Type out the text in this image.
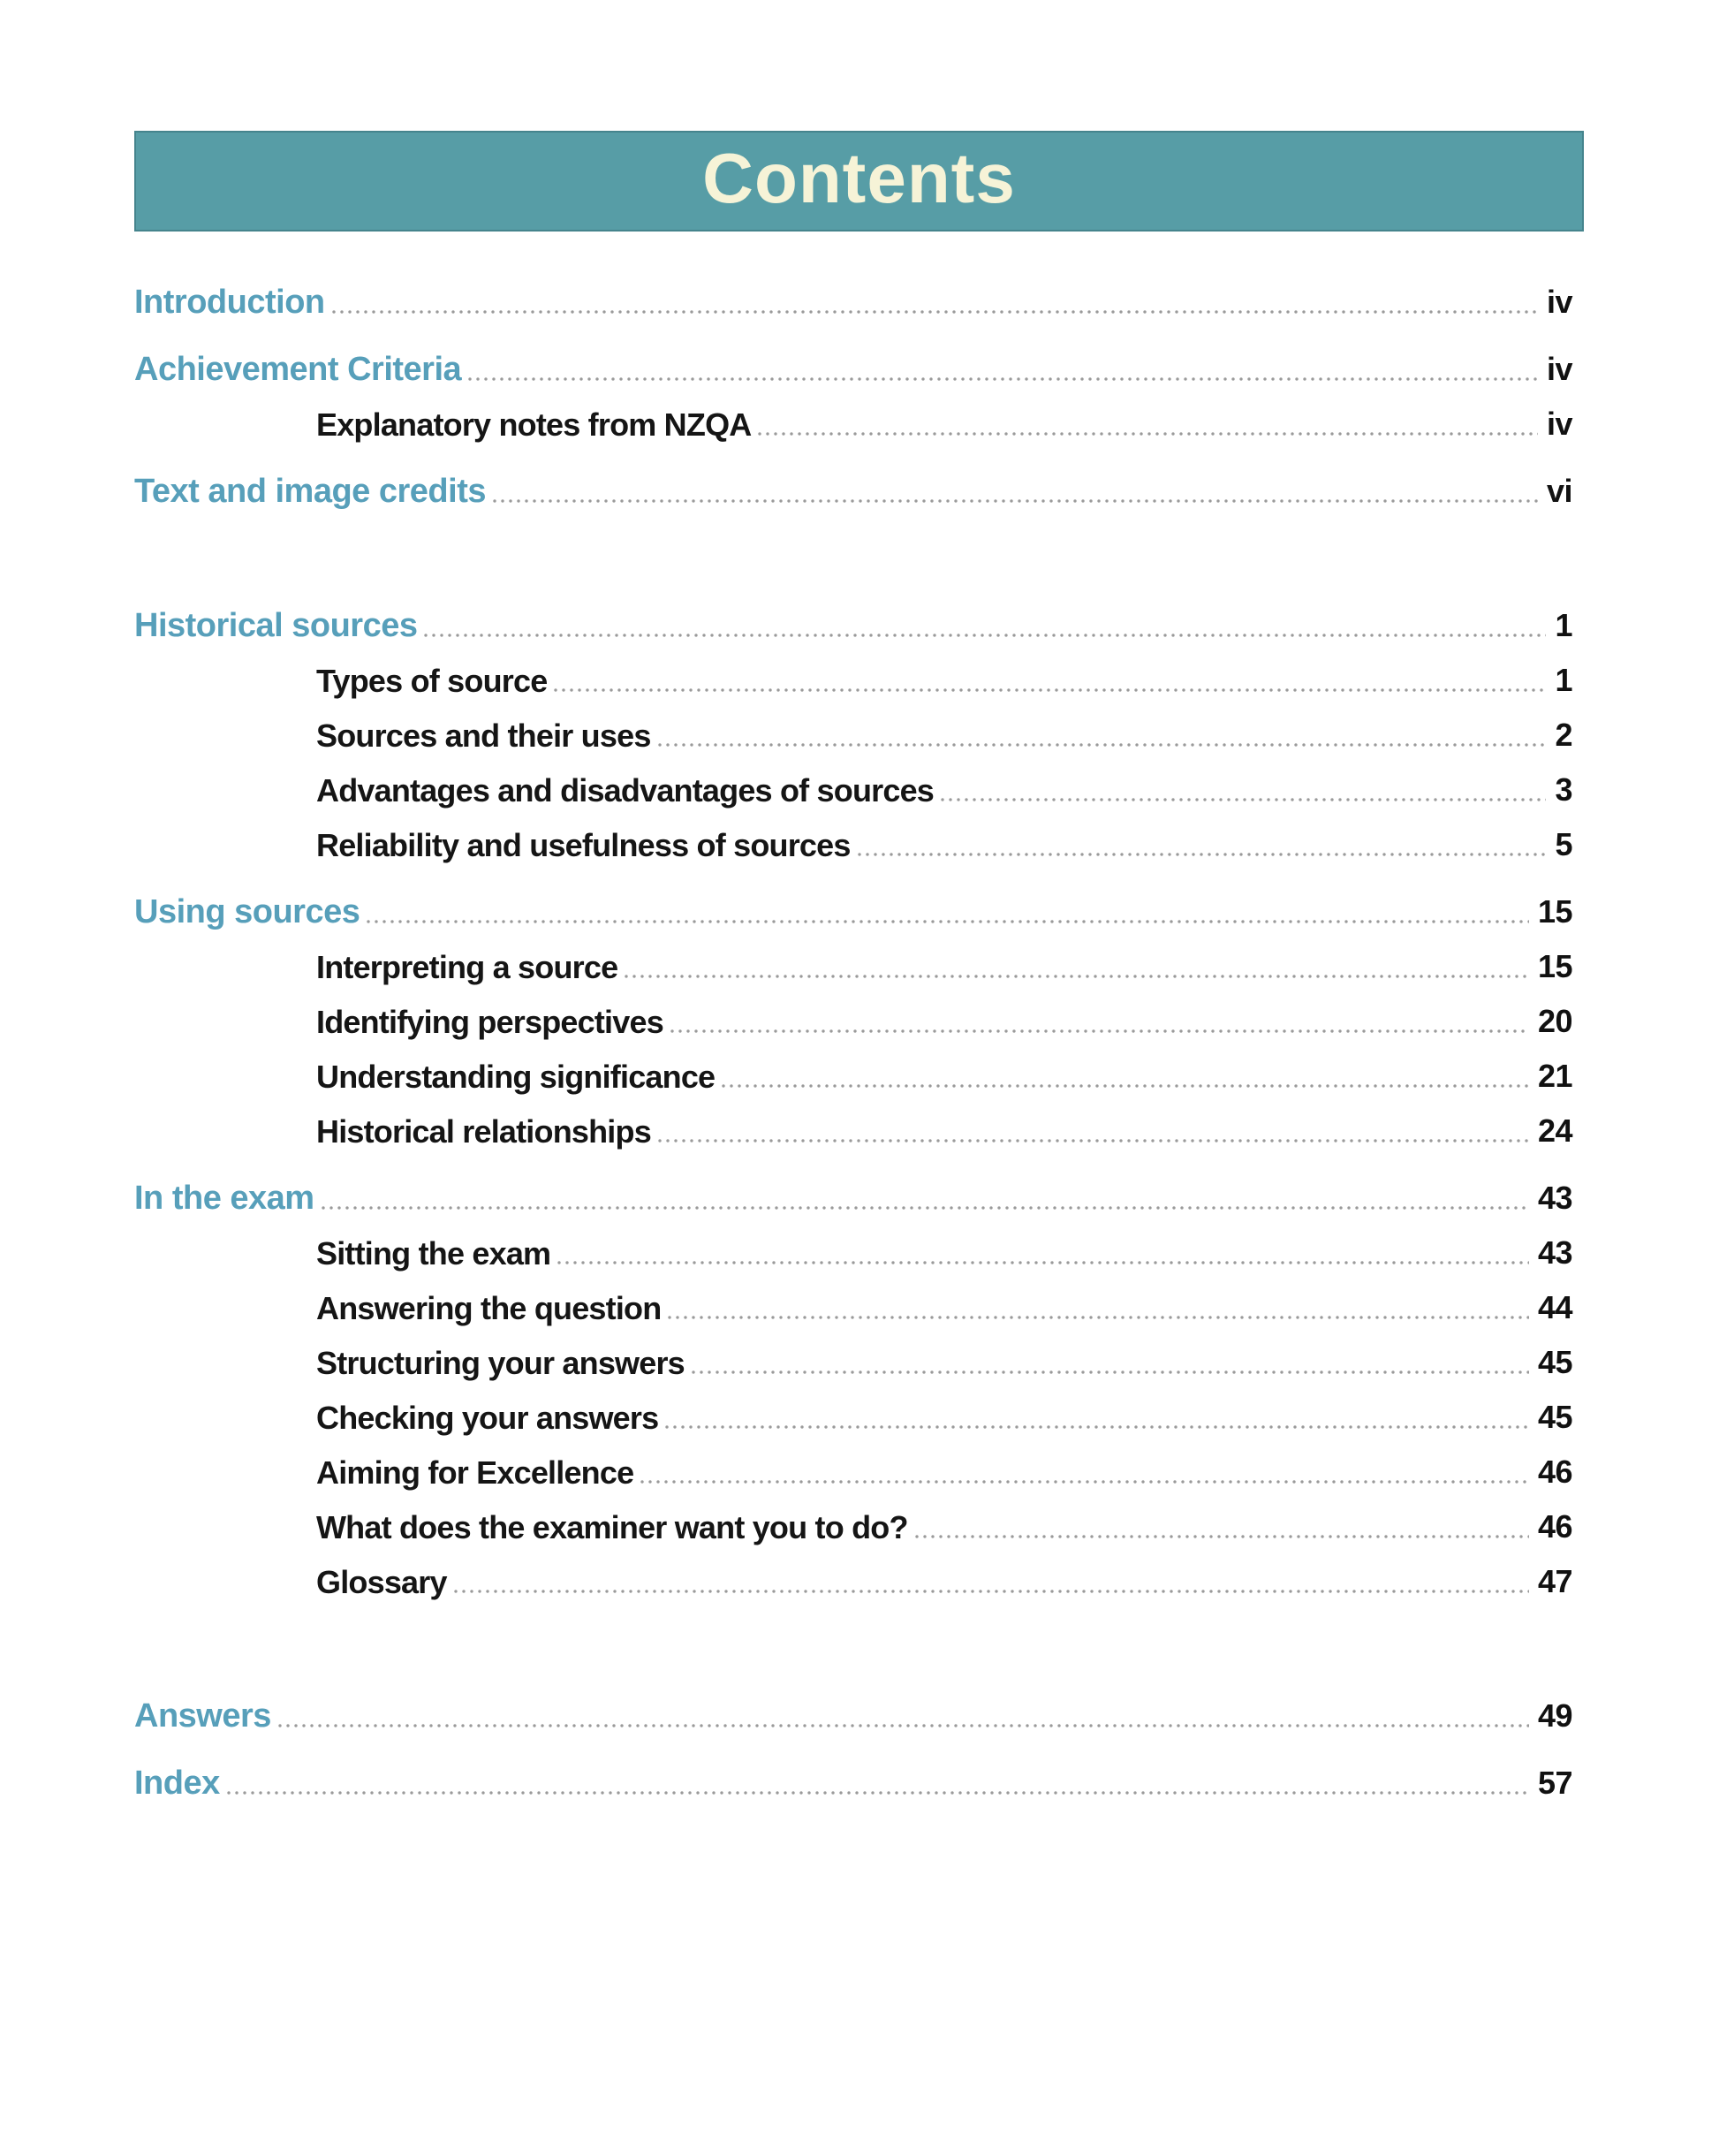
Contents
Introduction	iv
Achievement Criteria	iv
Explanatory notes from NZQA	iv
Text and image credits	vi
Historical sources	1
Types of source	1
Sources and their uses	2
Advantages and disadvantages of sources	3
Reliability and usefulness of sources	5
Using sources	15
Interpreting a source	15
Identifying perspectives	20
Understanding significance	21
Historical relationships	24
In the exam	43
Sitting the exam	43
Answering the question	44
Structuring your answers	45
Checking your answers	45
Aiming for Excellence	46
What does the examiner want you to do?	46
Glossary	47
Answers	49
Index	57
